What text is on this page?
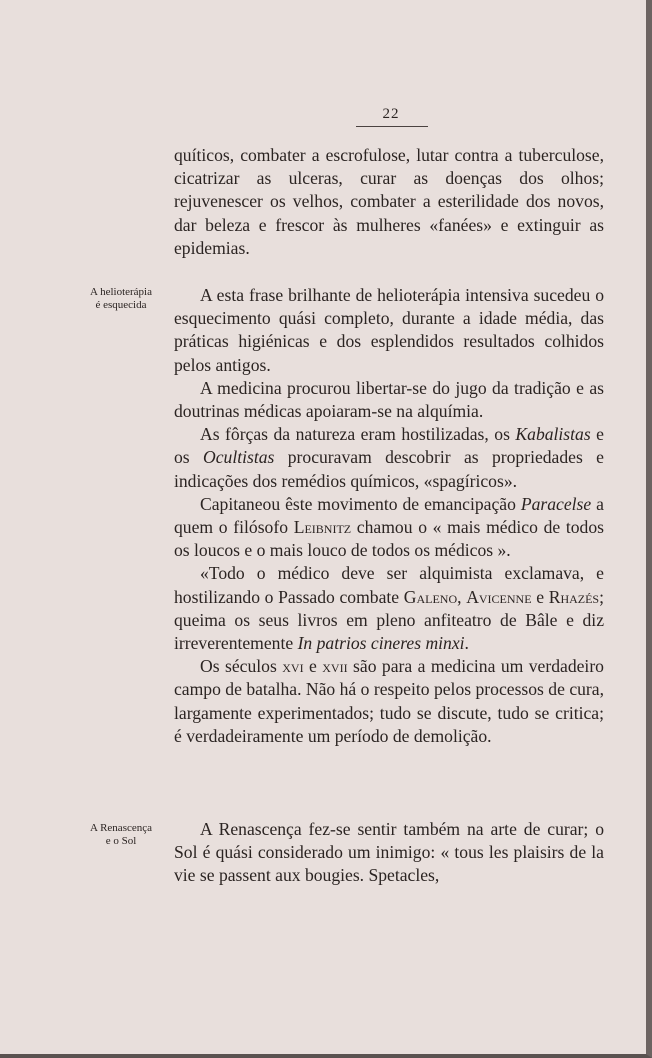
22

quíticos, combater a escrofulose, lutar contra a tuberculose, cicatrizar as ulceras, curar as doenças dos olhos; rejuvenescer os velhos, combater a esterilidade dos novos, dar beleza e frescor às mulheres «fanées» e extinguir as epidemias.

A helioterápia
é esquecida	A esta frase brilhante de helioterápia intensiva sucedeu o esquecimento quási completo, durante a idade média, das práticas higiénicas e dos esplendidos resultados colhidos pelos antigos.

A medicina procurou libertar-se do jugo da tradição e as doutrinas médicas apoiaram-se na alquímia.

As fôrças da natureza eram hostilizadas, os Kabalistas e os Ocultistas procuravam descobrir as propriedades e indicações dos remédios químicos, «spagíricos».

Capitaneou êste movimento de emancipação Paracelse a quem o filósofo Leibnitz chamou o « mais médico de todos os loucos e o mais louco de todos os médicos ».

«Todo o médico deve ser alquimista exclamava, e hostilizando o Passado combate Galeno, Avicenne e Rhazés; queima os seus livros em pleno anfiteatro de Bâle e diz irreverentemente In patrios cineres minxi.

Os séculos xvi e xvii são para a medicina um verdadeiro campo de batalha. Não há o respeito pelos processos de cura, largamente experimentados; tudo se discute, tudo se critica; é verdadeiramente um período de demolição.

A Renascença
e o Sol

A Renascença fez-se sentir também na arte de curar; o Sol é quási considerado um inimigo: « tous les plaisirs de la vie se passent aux bougies. Spetacles,
